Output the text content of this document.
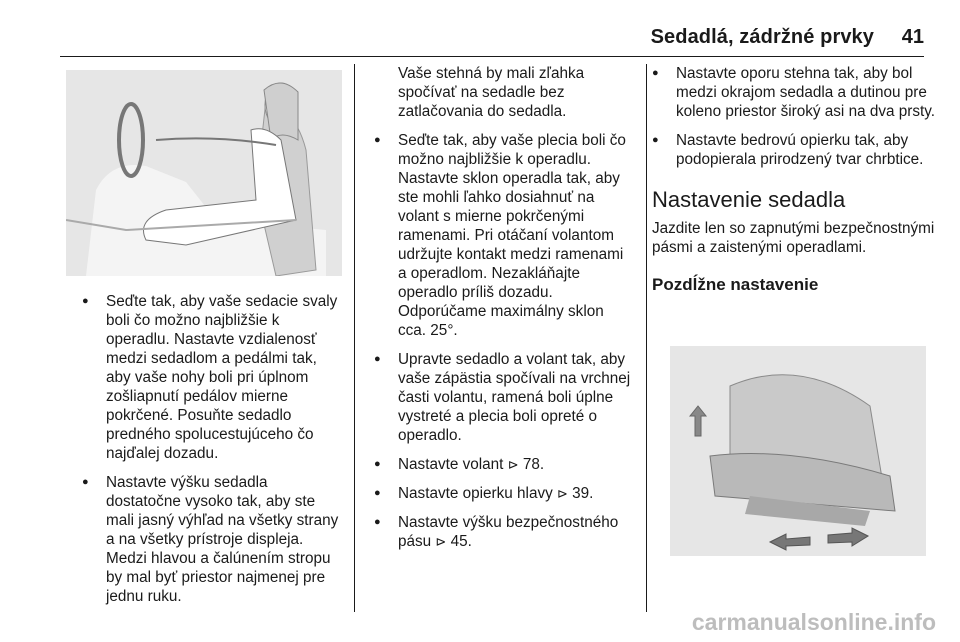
Sedadlá, zádržné prvky 41
● Seďte tak, aby vaše sedacie svaly boli čo možno najbližšie k operadlu. Nastavte vzdialenosť medzi sedadlom a pedálmi tak, aby vaše nohy boli pri úplnom zošliapnutí pedálov mierne pokrčené. Posuňte sedadlo predného spolucestujúceho čo najďalej dozadu.
● Nastavte výšku sedadla dostatočne vysoko tak, aby ste mali jasný výhľad na všetky strany a na všetky prístroje displeja. Medzi hlavou a čalúnením stropu by mal byť priestor najmenej pre jednu ruku.

Vaše stehná by mali zľahka spočívať na sedadle bez zatlačovania do sedadla.

● Seďte tak, aby vaše plecia boli čo možno najbližšie k operadlu. Nastavte sklon operadla tak, aby ste mohli ľahko dosiahnuť na volant s mierne pokrčenými ramenami. Pri otáčaní volantom udržujte kontakt medzi ramenami a operadlom. Nezakláňajte operadlo príliš dozadu. Odporúčame maximálny sklon cca. 25°.
● Upravte sedadlo a volant tak, aby vaše zápästia spočívali na vrchnej časti volantu, ramená boli úplne vystreté a plecia boli opreté o operadlo.
● Nastavte volant ⊳ 78.
● Nastavte opierku hlavy ⊳ 39.
● Nastavte výšku bezpečnostného pásu ⊳ 45.
● Nastavte oporu stehna tak, aby bol medzi okrajom sedadla a dutinou pre koleno priestor široký asi na dva prsty.
● Nastavte bedrovú opierku tak, aby podopierala prirodzený tvar chrbtice.
Nastavenie sedadla

Jazdite len so zapnutými bezpečnostnými pásmi a zaistenými operadlami.

Pozdĺžne nastavenie
carmanualsonline.info
